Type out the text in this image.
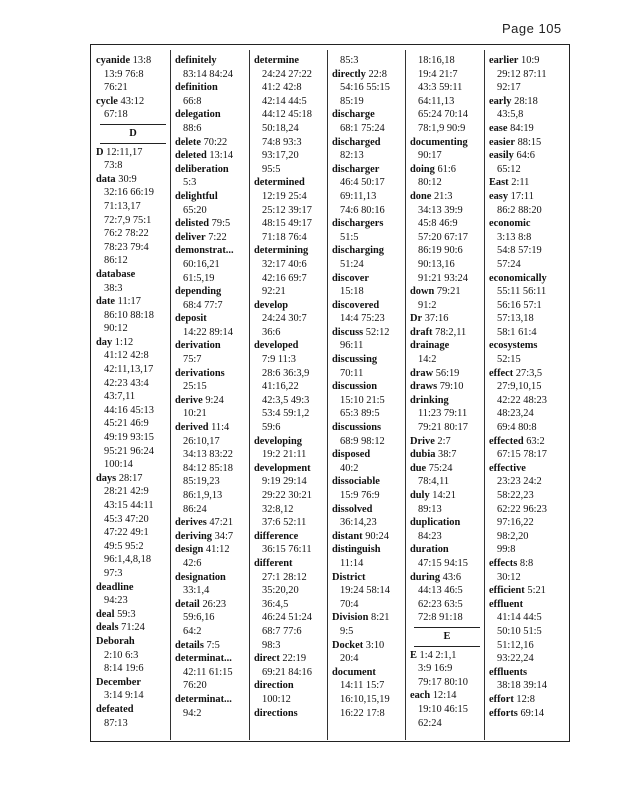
Page 105
cyanide 13:8
13:9 76:8
76:21
cycle 43:12
67:18
D
D 12:11,17
73:8
data 30:9
32:16 66:19
71:13,17
72:7,9 75:1
76:2 78:22
78:23 79:4
86:12
database
38:3
date 11:17
86:10 88:18
90:12
day 1:12
41:12 42:8
42:11,13,17
42:23 43:4
43:7,11
44:16 45:13
45:21 46:9
49:19 93:15
95:21 96:24
100:14
days 28:17
28:21 42:9
43:15 44:11
45:3 47:20
47:22 49:1
49:5 95:2
96:1,4,8,18
97:3
deadline
94:23
deal 59:3
deals 71:24
Deborah
2:10 6:3
8:14 19:6
December
3:14 9:14
defeated
87:13
definitely
83:14 84:24
definition
66:8
delegation
88:6
delete 70:22
deleted 13:14
deliberation
5:3
delightful
65:20
delisted 79:5
deliver 7:22
demonstrat...
60:16,21
61:5,19
depending
68:4 77:7
deposit
14:22 89:14
derivation
75:7
derivations
25:15
derive 9:24
10:21
derived 11:4
26:10,17
34:13 83:22
84:12 85:18
85:19,23
86:1,9,13
86:24
derives 47:21
deriving 34:7
design 41:12
42:6
designation
33:1,4
detail 26:23
59:6,16
64:2
details 7:5
determinat...
42:11 61:15
76:20
determinat...
94:2
determine
24:24 27:22
41:2 42:8
42:14 44:5
44:12 45:18
50:18,24
74:8 93:3
93:17,20
95:5
determined
12:19 25:4
25:12 39:17
48:15 49:17
71:18 76:4
determining
32:17 40:6
42:16 69:7
92:21
develop
24:24 30:7
36:6
developed
7:9 11:3
28:6 36:3,9
41:16,22
42:3,5 49:3
53:4 59:1,2
59:6
developing
19:2 21:11
development
9:19 29:14
29:22 30:21
32:8,12
37:6 52:11
difference
36:15 76:11
different
27:1 28:12
35:20,20
36:4,5
46:24 51:24
68:7 77:6
98:3
direct 22:19
69:21 84:16
direction
100:12
directions
85:3
directly 22:8
54:16 55:15
85:19
discharge
68:1 75:24
discharged
82:13
discharger
46:4 50:17
69:11,13
74:6 80:16
dischargers
51:5
discharging
51:24
discover
15:18
discovered
14:4 75:23
discuss 52:12
96:11
discussing
70:11
discussion
15:10 21:5
65:3 89:5
discussions
68:9 98:12
disposed
40:2
dissociable
15:9 76:9
dissolved
36:14,23
distant 90:24
distinguish
11:14
District
19:24 58:14
70:4
Division 8:21
9:5
Docket 3:10
20:4
document
14:11 15:7
16:10,15,19
16:22 17:8
18:16,18
19:4 21:7
43:3 59:11
64:11,13
65:24 70:14
78:1,9 90:9
documenting
90:17
doing 61:6
80:12
done 21:3
34:13 39:9
45:8 46:9
57:20 67:17
86:19 90:6
90:13,16
91:21 93:24
down 79:21
91:2
Dr 37:16
draft 78:2,11
drainage
14:2
draw 56:19
draws 79:10
drinking
11:23 79:11
79:21 80:17
Drive 2:7
dubia 38:7
due 75:24
78:4,11
duly 14:21
89:13
duplication
84:23
duration
47:15 94:15
during 43:6
44:13 46:5
62:23 63:5
72:8 91:18
E
E 1:4 2:1,1
3:9 16:9
79:17 80:10
each 12:14
19:10 46:15
62:24
earlier 10:9
29:12 87:11
92:17
early 28:18
43:5,8
ease 84:19
easier 88:15
easily 64:6
65:12
East 2:11
easy 17:11
86:2 88:20
economic
3:13 8:8
54:8 57:19
57:24
economically
55:11 56:11
56:16 57:1
57:13,18
58:1 61:4
ecosystems
52:15
effect 27:3,5
27:9,10,15
42:22 48:23
48:23,24
69:4 80:8
effected 63:2
67:15 78:17
effective
23:23 24:2
58:22,23
62:22 96:23
97:16,22
98:2,20
99:8
effects 8:8
30:12
efficient 5:21
effluent
41:14 44:5
50:10 51:5
51:12,16
93:22,24
effluents
38:18 39:14
effort 12:8
efforts 69:14
